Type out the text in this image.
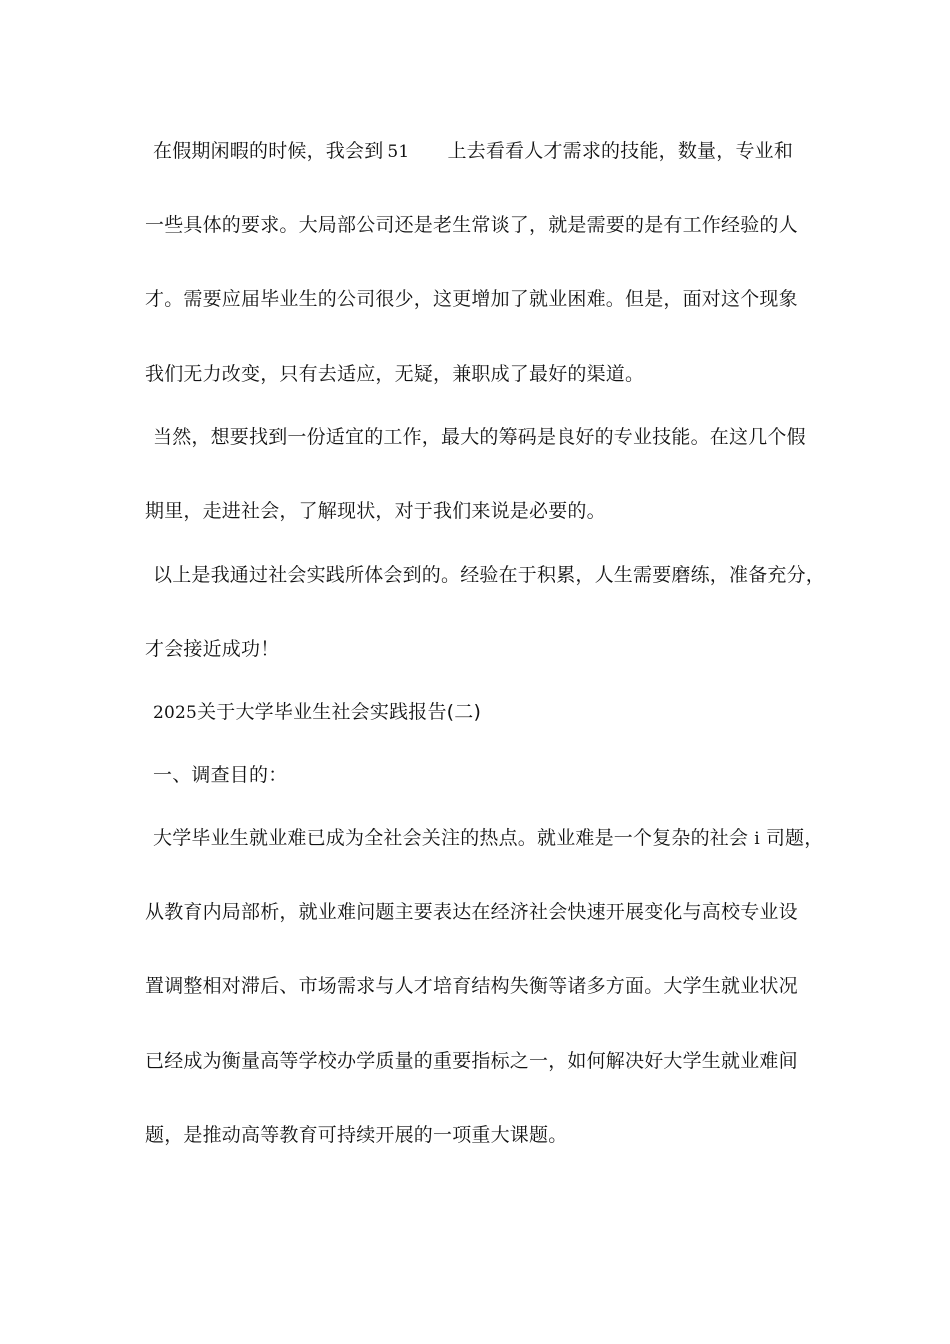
在假期闲暇的时候，我会到 51 上去看看人才需求的技能，数量，专业和
一些具体的要求。大局部公司还是老生常谈了，就是需要的是有工作经验的人
才。需要应届毕业生的公司很少，这更增加了就业困难。但是，面对这个现象
我们无力改变，只有去适应，无疑，兼职成了最好的渠道。
当然，想要找到一份适宜的工作，最大的筹码是良好的专业技能。在这几个假
期里，走进社会，了解现状，对于我们来说是必要的。
以上是我通过社会实践所体会到的。经验在于积累，人生需要磨练，准备充分，
才会接近成功！
2025关于大学毕业生社会实践报告(二)
一、调查目的：
大学毕业生就业难已成为全社会关注的热点。就业难是一个复杂的社会 i 司题，
从教育内局部析，就业难问题主要表达在经济社会快速开展变化与高校专业设
置调整相对滞后、市场需求与人才培育结构失衡等诸多方面。大学生就业状况
已经成为衡量高等学校办学质量的重要指标之一，如何解决好大学生就业难间
题，是推动高等教育可持续开展的一项重大课题。
